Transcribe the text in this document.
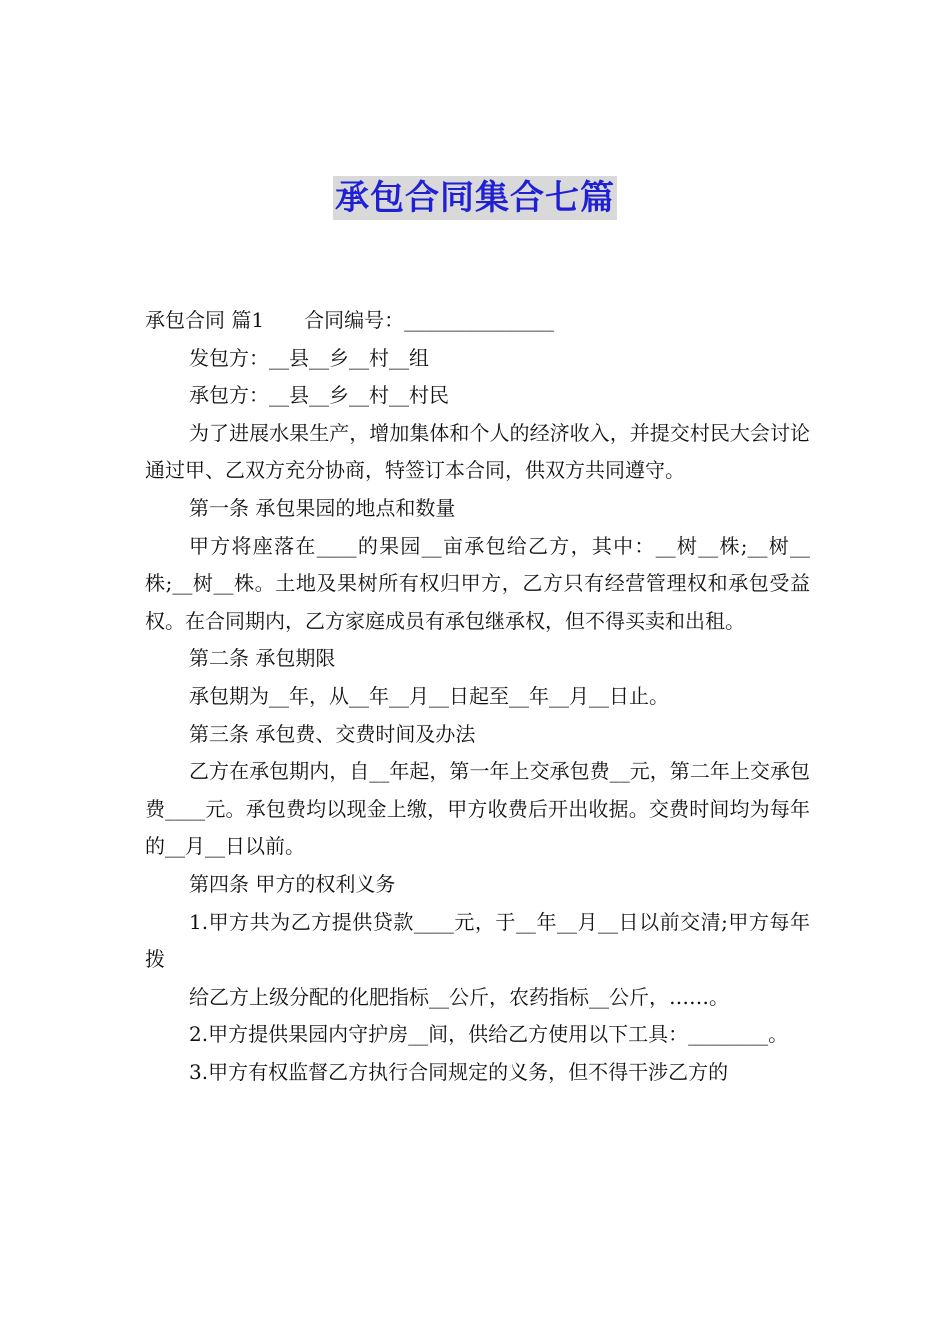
承包合同集合七篇

承包合同 篇1 合同编号：_______________

发包方：__县__乡__村__组

承包方：__县__乡__村__村民

为了进展水果生产，增加集体和个人的经济收入，并提交村民大会讨论通过甲、乙双方充分协商，特签订本合同，供双方共同遵守。

第一条 承包果园的地点和数量

甲方将座落在____的果园__亩承包给乙方，其中：__树__株;__树__株;__树__株。土地及果树所有权归甲方，乙方只有经营管理权和承包受益权。在合同期内，乙方家庭成员有承包继承权，但不得买卖和出租。

第二条 承包期限

承包期为__年，从__年__月__日起至__年__月__日止。

第三条 承包费、交费时间及办法

乙方在承包期内，自__年起，第一年上交承包费__元，第二年上交承包费____元。承包费均以现金上缴，甲方收费后开出收据。交费时间均为每年的__月__日以前。

第四条 甲方的权利义务

1.甲方共为乙方提供贷款____元，于__年__月__日以前交清;甲方每年拨

给乙方上级分配的化肥指标__公斤，农药指标__公斤，……。

2.甲方提供果园内守护房__间，供给乙方使用以下工具：________。

3.甲方有权监督乙方执行合同规定的义务，但不得干涉乙方的
